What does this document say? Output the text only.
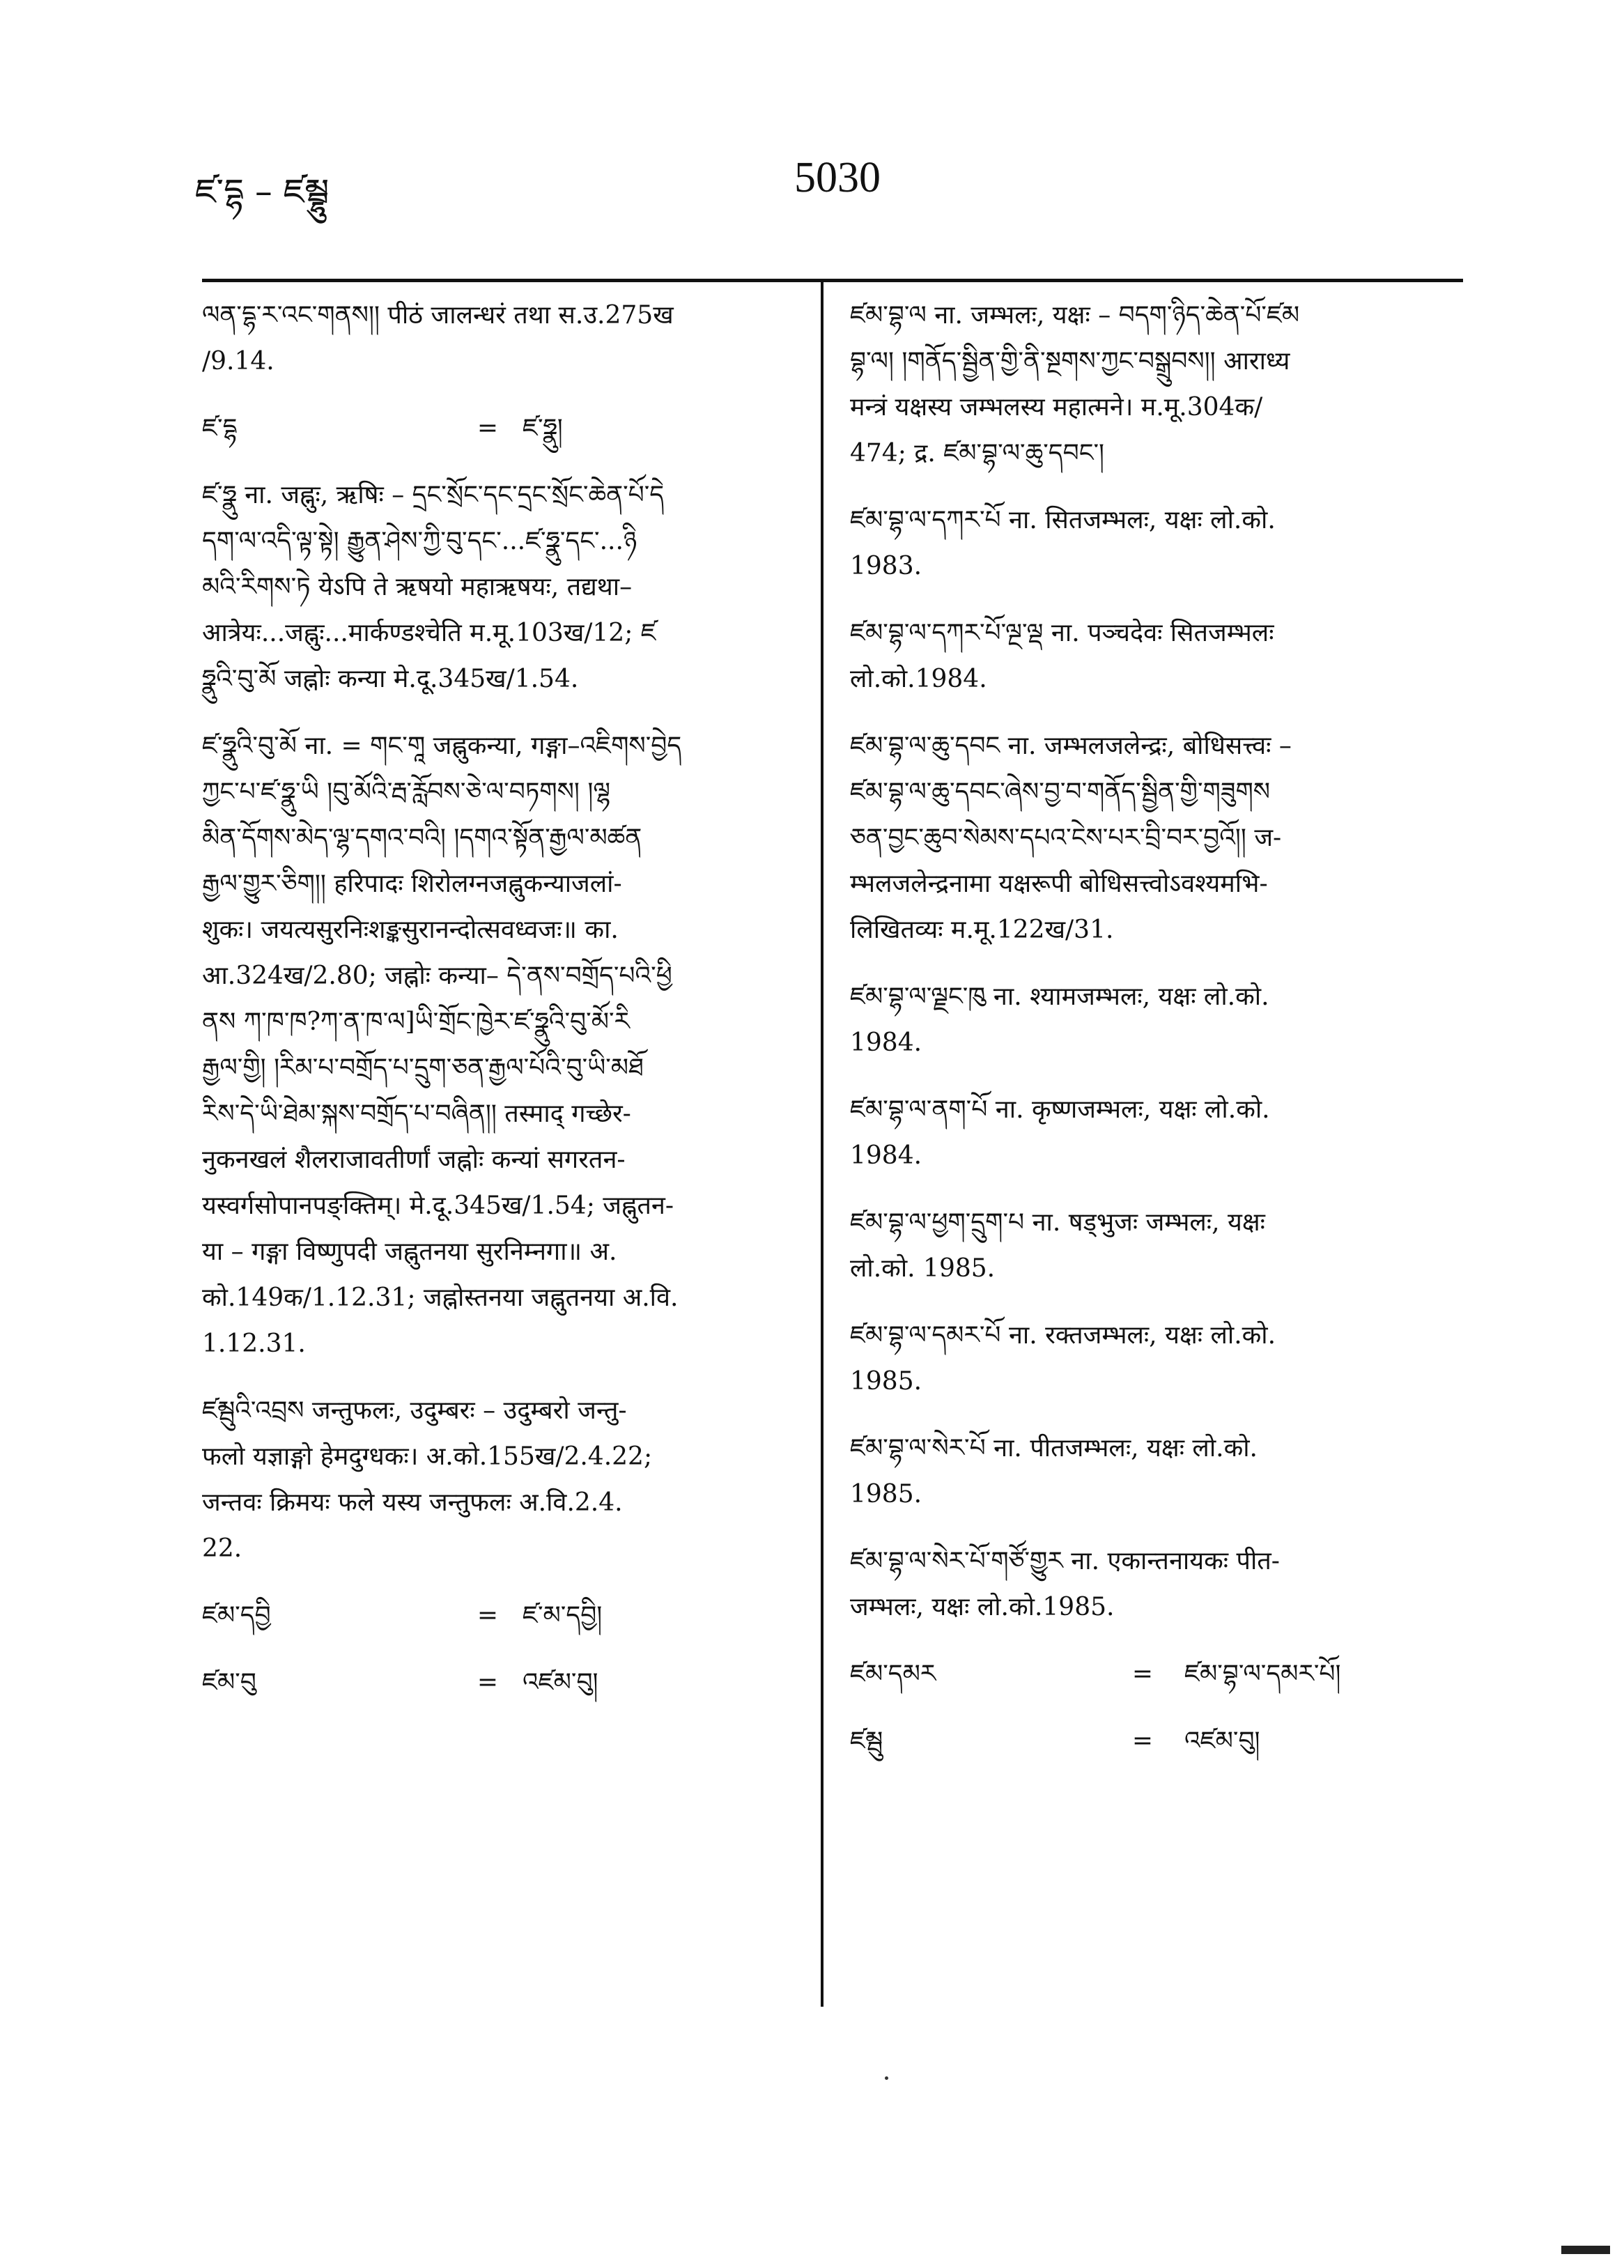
ཛ་དྷ – ཛམྦྷུ	5030

ལན་དྷ་ར་འང་གནས།། पीठं जालन्धरं तथा स.उ.275ख

/9.14.

ཛ་དྷ	= ཛ་ཧྣུ།

ཛ་ཧྣུ ना. जह्नुः, ऋषिः – དྲང་སྲོང་དང་དྲང་སྲོང་ཆེན་པོ་དེ

དག་ལ་འདི་ལྟ་སྟེ། རྒྱུན་ཤེས་ཀྱི་བུ་དང་...ཛ་ཧྣུ་དང་...ཉི

མའི་རིགས་ཏེ येऽपि ते ऋषयो महाऋषयः, तद्यथा–

आत्रेयः...जह्नुः...मार्कण्डश्चेति म.मू.103ख/12; ཛ

ཧྣུའི་བུ་མོ जह्नोः कन्या मे.दू.345ख/1.54.

ཛ་ཧྣུའི་བུ་མོ ना. = གང་གཱ जह्नुकन्या, गङ्गा–འཇིགས་བྱེད

ཀྱང་པ་ཛ་ཧྣུ་ཡི །བུ་མོའི་རྦ་རློབས་ཅེ་ལ་བཏགས། །ལྷ

མིན་དོགས་མེད་ལྷ་དགའ་བའི། །དགའ་སྟོན་རྒྱལ་མཚན

རྒྱལ་གྱུར་ཅིག།། हरिपादः शिरोलग्नजह्नुकन्याजलां-

शुकः। जयत्यसुरनिःशङ्कसुरानन्दोत्सवध्वजः॥ का.

आ.324ख/2.80; जह्नोः कन्या– དེ་ནས་བགྲོད་པའི་ཕྱི

ནས ཀ་ཁ་ཁ?ཀ་ན་ཁ་ལ]ཡི་གྲོང་ཁྱེར་ཛ་ཧྣུའི་བུ་མོ་རི

རྒྱལ་གྱི། །རིམ་པ་བགྲོད་པ་དྲུག་ཅན་རྒྱལ་པོའི་བུ་ཡི་མཐོ

རིས་དེ་ཡི་ཐེམ་སྐས་བགྲོད་པ་བཞིན།། तस्माद् गच्छेर-

नुकनखलं शैलराजावतीर्णां जह्नोः कन्यां सगरतन-

यस्वर्गसोपानपङ्क्तिम्। मे.दू.345ख/1.54; जह्नुतन-

या – गङ्गा विष्णुपदी जह्नुतनया सुरनिम्नगा॥ अ.

को.149क/1.12.31; जह्नोस्तनया जह्नुतनया अ.वि.

1.12.31.

ཛམྦུའི་འབྲས जन्तुफलः, उदुम्बरः – उदुम्बरो जन्तु-

फलो यज्ञाङ्गो हेमदुग्धकः। अ.को.155ख/2.4.22;

जन्तवः क्रिमयः फले यस्य जन्तुफलः अ.वि.2.4.

22.

ཛམ་དབྱི	= ཛ་མ་དབྱི།
ཛམ་བུ	= འཛམ་བུ།

ཛམ་བྷ་ལ ना. जम्भलः, यक्षः – བདག་ཉིད་ཆེན་པོ་ཛམ

བྷ་ལ། །གནོད་སྦྱིན་གྱི་ནི་སྔགས་ཀྱང་བསྒྲུབས།། आराध्य

मन्त्रं यक्षस्य जम्भलस्य महात्मने। म.मू.304क/

474; द्र. ཛམ་བྷ་ལ་ཆུ་དབང་།

ཛམ་བྷ་ལ་དཀར་པོ ना. सितजम्भलः, यक्षः लो.को.

1983.

ཛམ་བྷ་ལ་དཀར་པོ་ལྔ་ལྡ ना. पञ्चदेवः सितजम्भलः

लो.को.1984.

ཛམ་བྷ་ལ་ཆུ་དབང ना. जम्भलजलेन्द्रः, बोधिसत्त्वः –

ཛམ་བྷ་ལ་ཆུ་དབང་ཞེས་བྱ་བ་གནོད་སྦྱིན་གྱི་གཟུགས

ཅན་བྱང་ཆུབ་སེམས་དཔའ་ངེས་པར་བྲི་བར་བྱའོ།། ज-

म्भलजलेन्द्रनामा यक्षरूपी बोधिसत्त्वोऽवश्यमभि-

लिखितव्यः म.मू.122ख/31.

ཛམ་བྷ་ལ་ལྗང་ཁུ ना. श्यामजम्भलः, यक्षः लो.को.

1984.

ཛམ་བྷ་ལ་ནག་པོ ना. कृष्णजम्भलः, यक्षः लो.को.

1984.

ཛམ་བྷ་ལ་ཕྱག་དྲུག་པ ना. षड्भुजः जम्भलः, यक्षः

लो.को. 1985.

ཛམ་བྷ་ལ་དམར་པོ ना. रक्तजम्भलः, यक्षः लो.को.

1985.

ཛམ་བྷ་ལ་སེར་པོ ना. पीतजम्भलः, यक्षः लो.को.

1985.

ཛམ་བྷ་ལ་སེར་པོ་གཙོ་གྱུར ना. एकान्तनायकः पीत-

जम्भलः, यक्षः लो.को.1985.

ཛམ་དམར	=	ཛམ་བྷ་ལ་དམར་པོ།
ཛམྦུ	=	འཛམ་བུ།
